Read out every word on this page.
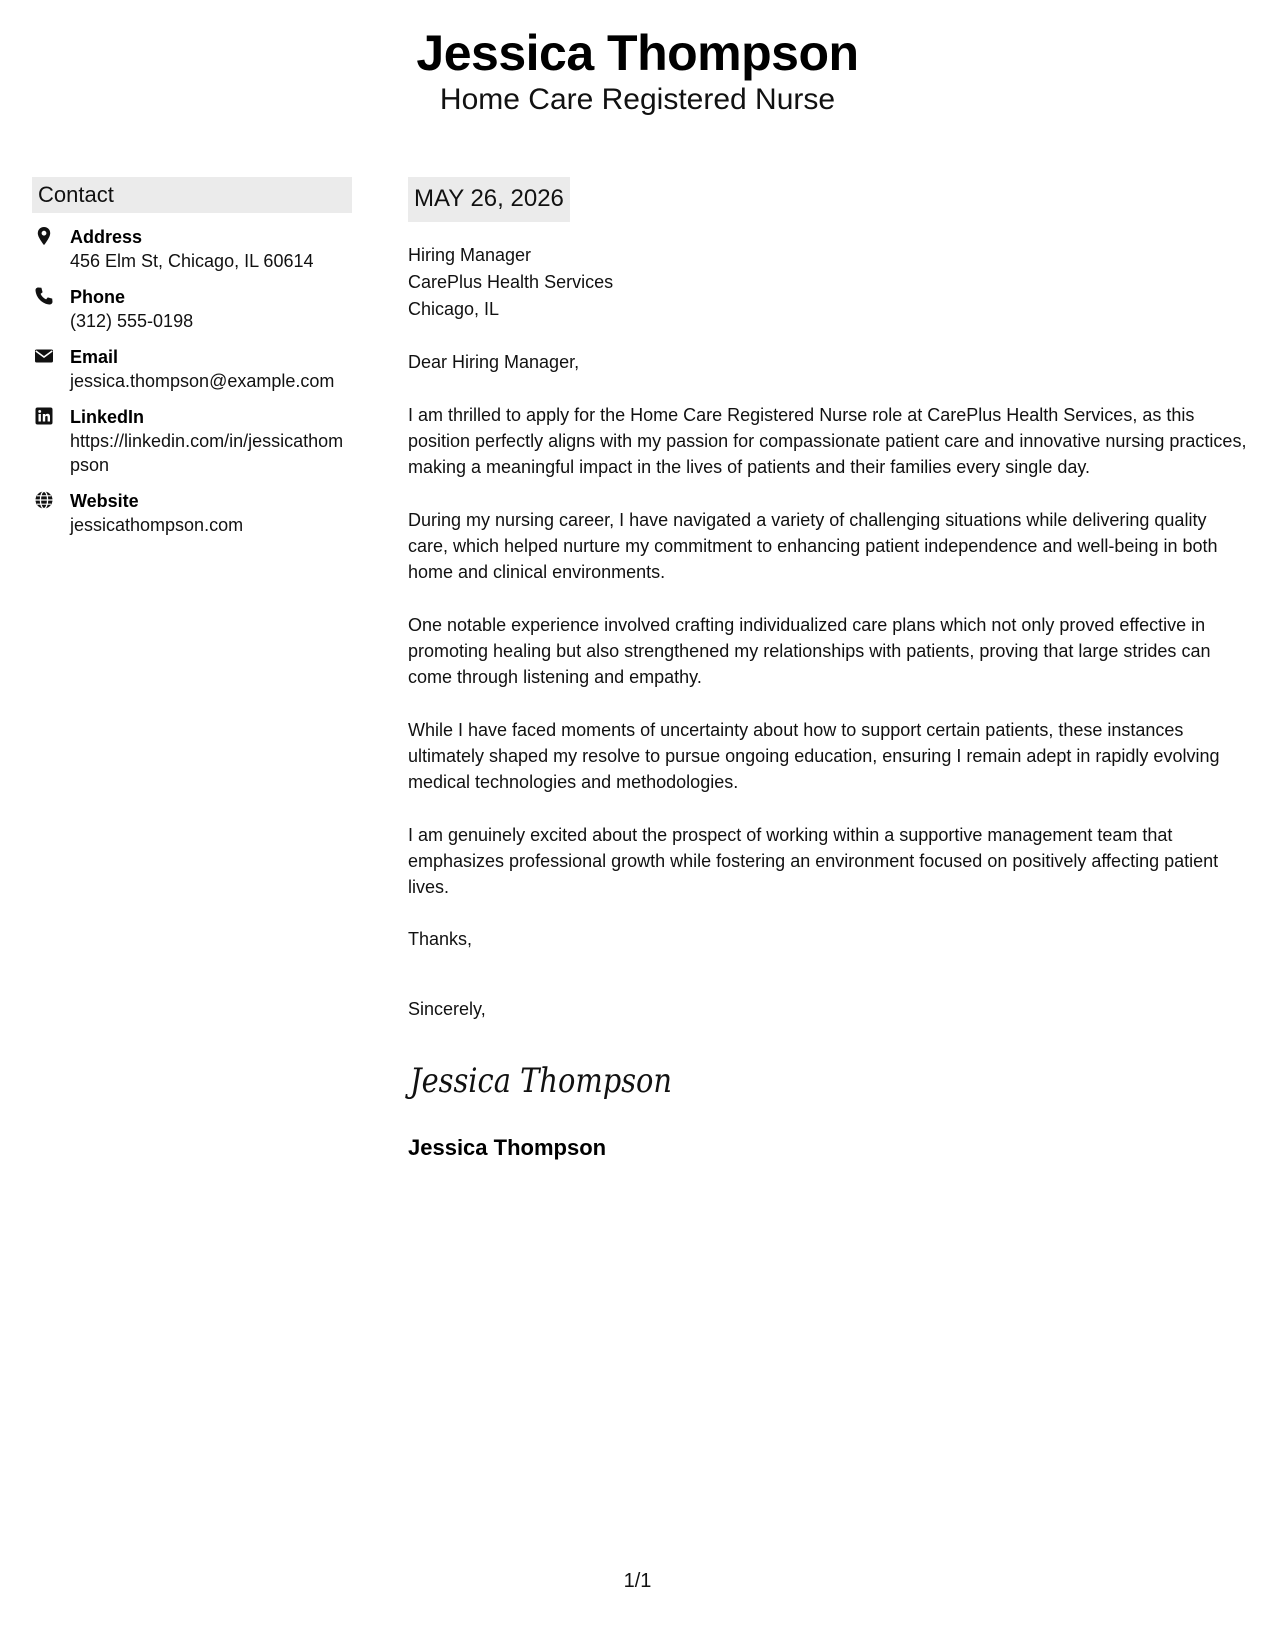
Jessica Thompson
Home Care Registered Nurse
Contact
Address
456 Elm St, Chicago, IL 60614
Phone
(312) 555-0198
Email
jessica.thompson@example.com
LinkedIn
https://linkedin.com/in/jessicathompson
Website
jessicathompson.com
MAY 26, 2026
Hiring Manager
CarePlus Health Services
Chicago, IL
Dear Hiring Manager,
I am thrilled to apply for the Home Care Registered Nurse role at CarePlus Health Services, as this position perfectly aligns with my passion for compassionate patient care and innovative nursing practices, making a meaningful impact in the lives of patients and their families every single day.
During my nursing career, I have navigated a variety of challenging situations while delivering quality care, which helped nurture my commitment to enhancing patient independence and well-being in both home and clinical environments.
One notable experience involved crafting individualized care plans which not only proved effective in promoting healing but also strengthened my relationships with patients, proving that large strides can come through listening and empathy.
While I have faced moments of uncertainty about how to support certain patients, these instances ultimately shaped my resolve to pursue ongoing education, ensuring I remain adept in rapidly evolving medical technologies and methodologies.
I am genuinely excited about the prospect of working within a supportive management team that emphasizes professional growth while fostering an environment focused on positively affecting patient lives.
Thanks,
Sincerely,
Jessica Thompson
Jessica Thompson
1/1
